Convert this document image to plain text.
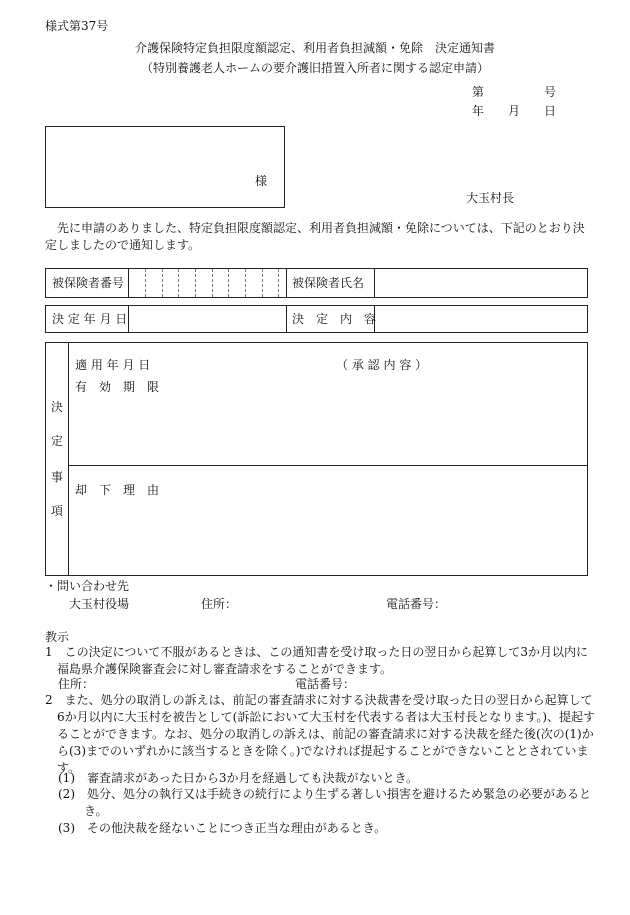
様式第37号
介護保険特定負担限度額認定、利用者負担減額・免除　決定通知書
（特別養護老人ホームの要介護旧措置入所者に関する認定申請）
第　　　　　号
年　　月　　日
様
大玉村長
先に申請のありました、特定負担限度額認定、利用者負担減額・免除については、下記のとおり決定しましたので通知します。
被保険者番号	被保険者氏名
決 定 年 月 日	決　定　内　容
決
定
事
項
適 用 年 月 日	（ 承 認 内 容 ）
有　効　期　限
却　下　理　由
・問い合わせ先
大玉村役場	住所：	電話番号：
教示
1　この決定について不服があるときは、この通知書を受け取った日の翌日から起算して3か月以内に福島県介護保険審査会に対し審査請求をすることができます。
住所：	電話番号：
2　また、処分の取消しの訴えは、前記の審査請求に対する決裁書を受け取った日の翌日から起算して6か月以内に大玉村を被告として(訴訟において大玉村を代表する者は大玉村長となります。)、提起することができます。なお、処分の取消しの訴えは、前記の審査請求に対する決裁を経た後(次の(1)から(3)までのいずれかに該当するときを除く。)でなければ提起することができないこととされています。
(1)　審査請求があった日から3か月を経過しても決裁がないとき。
(2)　処分、処分の執行又は手続きの続行により生ずる著しい損害を避けるため緊急の必要があるとき。
(3)　その他決裁を経ないことにつき正当な理由があるとき。
